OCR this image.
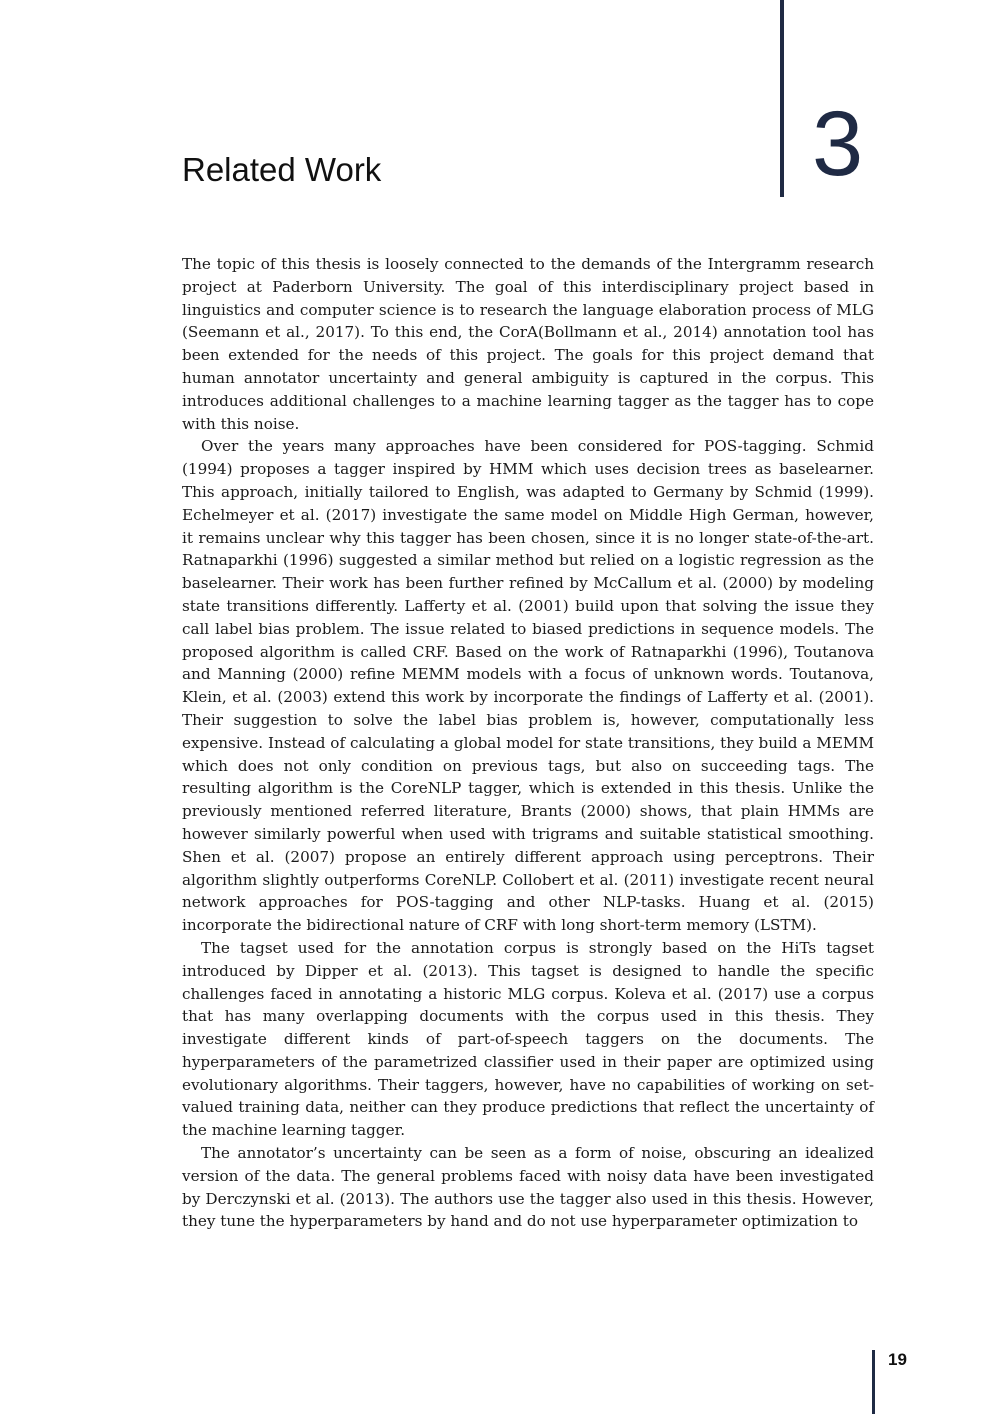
3
Related Work

The topic of this thesis is loosely connected to the demands of the Intergramm research project at Paderborn University. The goal of this interdisciplinary project based in linguistics and computer science is to research the language elaboration process of MLG (Seemann et al., 2017). To this end, the CorA(Bollmann et al., 2014) annotation tool has been extended for the needs of this project. The goals for this project demand that human annotator uncertainty and general ambiguity is captured in the corpus. This introduces additional challenges to a machine learning tagger as the tagger has to cope with this noise.

Over the years many approaches have been considered for POS-tagging. Schmid (1994) proposes a tagger inspired by HMM which uses decision trees as baselearner. This approach, initially tailored to English, was adapted to Germany by Schmid (1999). Echelmeyer et al. (2017) investigate the same model on Middle High German, however, it remains unclear why this tagger has been chosen, since it is no longer state-of-the-art. Ratnaparkhi (1996) suggested a similar method but relied on a logistic regression as the baselearner. Their work has been further refined by McCallum et al. (2000) by modeling state transitions differently. Lafferty et al. (2001) build upon that solving the issue they call label bias problem. The issue related to biased predictions in sequence models. The proposed algorithm is called CRF. Based on the work of Ratnaparkhi (1996), Toutanova and Manning (2000) refine MEMM models with a focus of unknown words. Toutanova, Klein, et al. (2003) extend this work by incorporate the findings of Lafferty et al. (2001). Their suggestion to solve the label bias problem is, however, computationally less expensive. Instead of calculating a global model for state transitions, they build a MEMM which does not only condition on previous tags, but also on succeeding tags. The resulting algorithm is the CoreNLP tagger, which is extended in this thesis. Unlike the previously mentioned referred literature, Brants (2000) shows, that plain HMMs are however similarly powerful when used with trigrams and suitable statistical smoothing. Shen et al. (2007) propose an entirely different approach using perceptrons. Their algorithm slightly outperforms CoreNLP. Collobert et al. (2011) investigate recent neural network approaches for POS-tagging and other NLP-tasks. Huang et al. (2015) incorporate the bidirectional nature of CRF with long short-term memory (LSTM).

The tagset used for the annotation corpus is strongly based on the HiTs tagset introduced by Dipper et al. (2013). This tagset is designed to handle the specific challenges faced in annotating a historic MLG corpus. Koleva et al. (2017) use a corpus that has many overlapping documents with the corpus used in this thesis. They investigate different kinds of part-of-speech taggers on the documents. The hyperparameters of the parametrized classifier used in their paper are optimized using evolutionary algorithms. Their taggers, however, have no capabilities of working on set-valued training data, neither can they produce predictions that reflect the uncertainty of the machine learning tagger.

The annotator’s uncertainty can be seen as a form of noise, obscuring an idealized version of the data. The general problems faced with noisy data have been investigated by Derczynski et al. (2013). The authors use the tagger also used in this thesis. However, they tune the hyperparameters by hand and do not use hyperparameter optimization to

19
